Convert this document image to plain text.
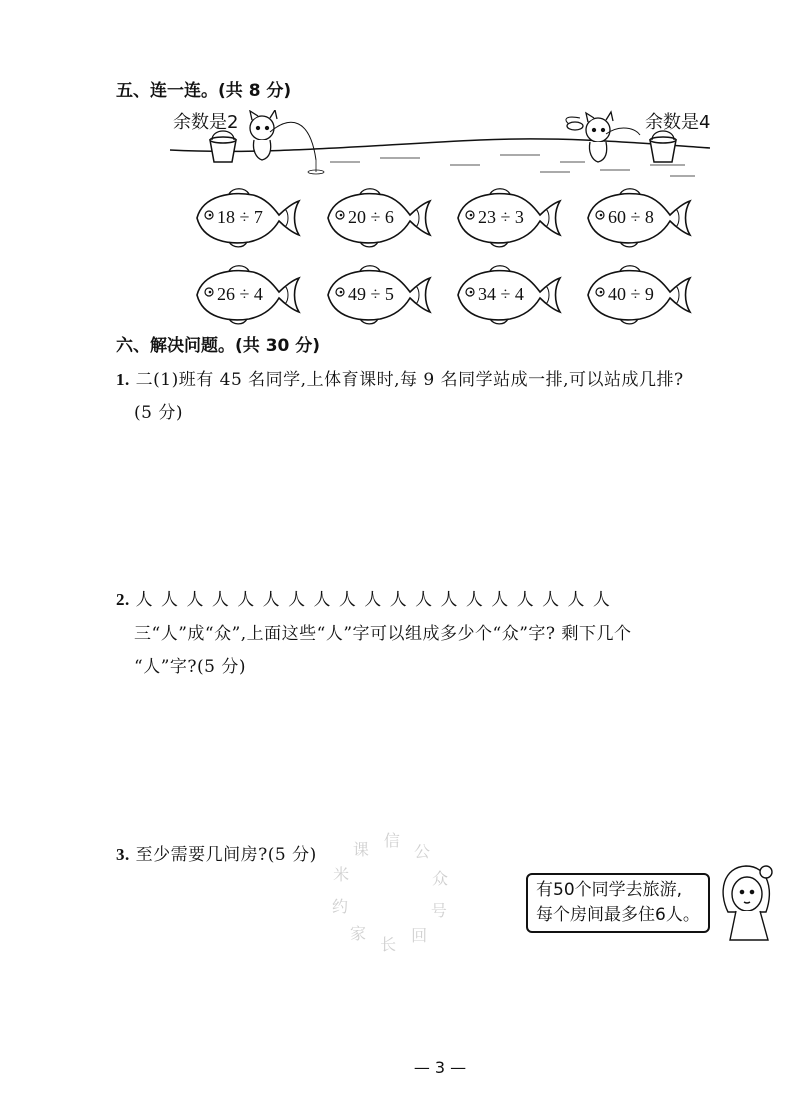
五、连一连。(共 8 分)
余数是2	余数是4
18 ÷ 7	20 ÷ 6	23 ÷ 3	60 ÷ 8
26 ÷ 4	49 ÷ 5	34 ÷ 4	40 ÷ 9
六、解决问题。(共 30 分)
1. 二(1)班有 45 名同学,上体育课时,每 9 名同学站成一排,可以站成几排?
(5 分)
2. 人 人 人 人 人 人 人 人 人 人 人 人 人 人 人 人 人 人 人
三“人”成“众”,上面这些“人”字可以组成多少个“众”字? 剩下几个
“人”字?(5 分)
3. 至少需要几间房?(5 分)
有50个同学去旅游,
每个房间最多住6人。
米
课 信
公
众
号
回
长
家
约
— 3 —
